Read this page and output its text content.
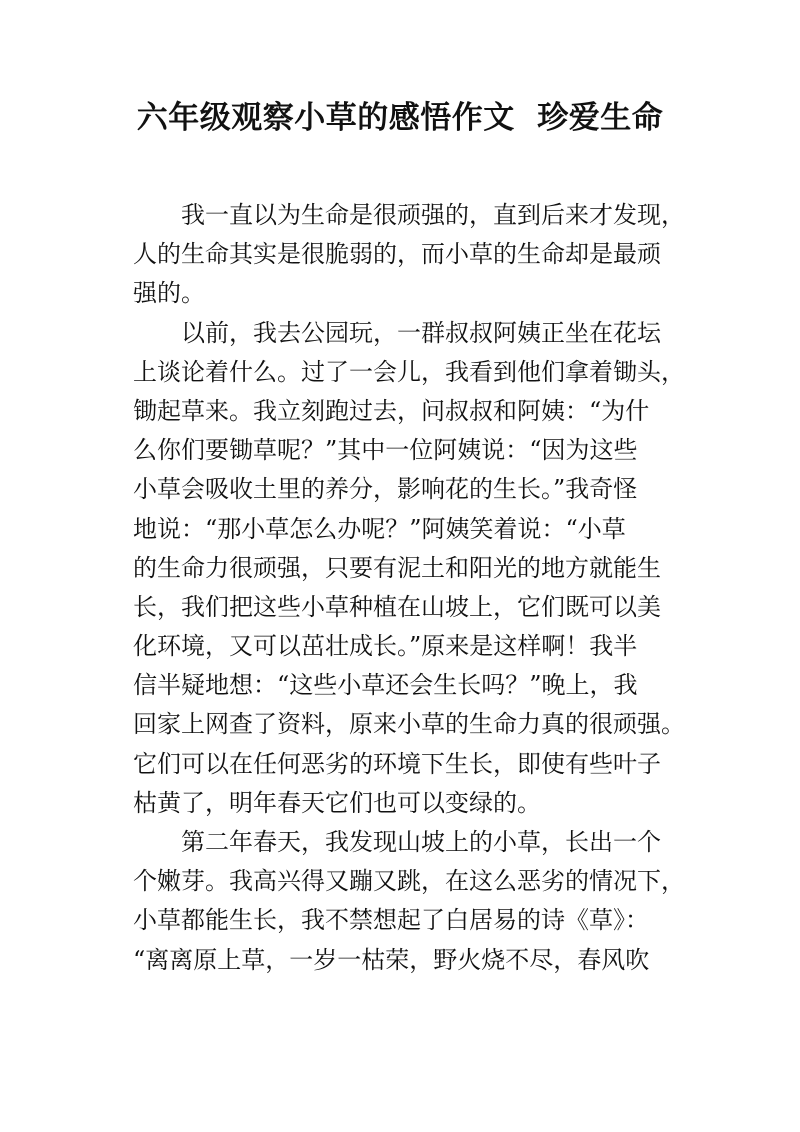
六年级观察小草的感悟作文  珍爱生命
我一直以为生命是很顽强的，直到后来才发现，
人的生命其实是很脆弱的，而小草的生命却是最顽
强的。
以前，我去公园玩，一群叔叔阿姨正坐在花坛
上谈论着什么。过了一会儿，我看到他们拿着锄头，
锄起草来。我立刻跑过去，问叔叔和阿姨：“为什
么你们要锄草呢？”其中一位阿姨说：“因为这些
小草会吸收土里的养分，影响花的生长。”我奇怪
地说：“那小草怎么办呢？”阿姨笑着说：“小草
的生命力很顽强，只要有泥土和阳光的地方就能生
长，我们把这些小草种植在山坡上，它们既可以美
化环境，又可以茁壮成长。”原来是这样啊！我半
信半疑地想：“这些小草还会生长吗？”晚上，我
回家上网查了资料，原来小草的生命力真的很顽强。
它们可以在任何恶劣的环境下生长，即使有些叶子
枯黄了，明年春天它们也可以变绿的。
第二年春天，我发现山坡上的小草，长出一个
个嫩芽。我高兴得又蹦又跳，在这么恶劣的情况下，
小草都能生长，我不禁想起了白居易的诗《草》：
“离离原上草，一岁一枯荣，野火烧不尽，春风吹
